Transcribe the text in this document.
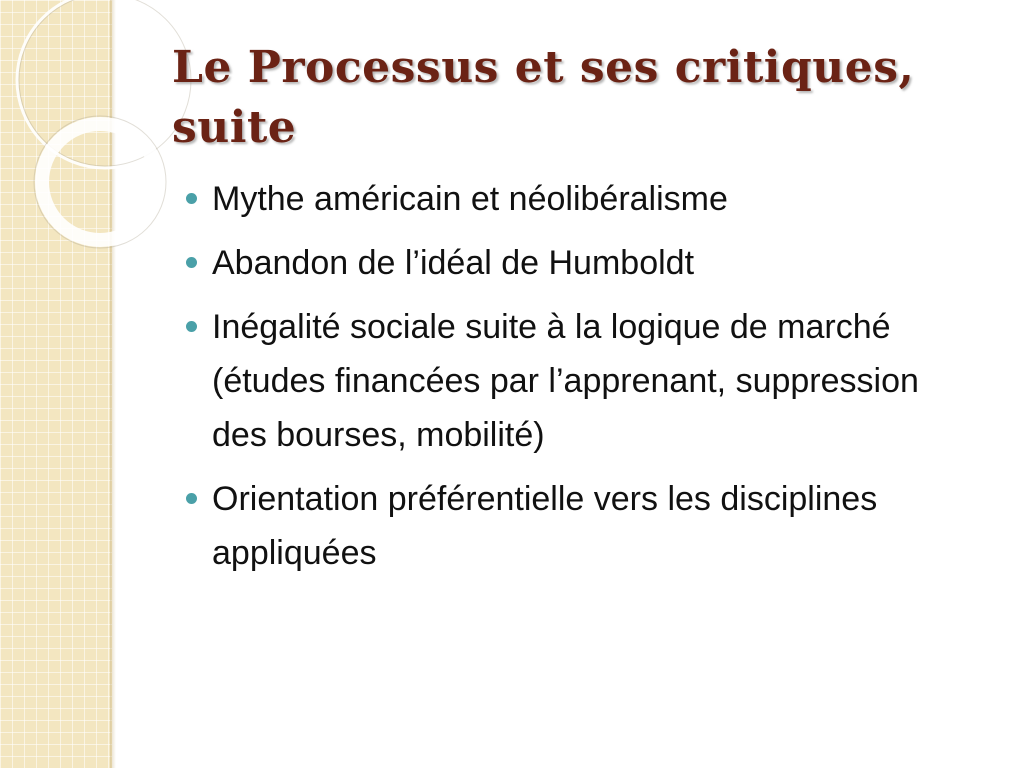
Le Processus et ses critiques, suite
Mythe américain et néolibéralisme
Abandon de l’idéal de Humboldt
Inégalité sociale suite à la logique de marché (études financées par l’apprenant, suppression des bourses, mobilité)
Orientation préférentielle vers les disciplines appliquées
